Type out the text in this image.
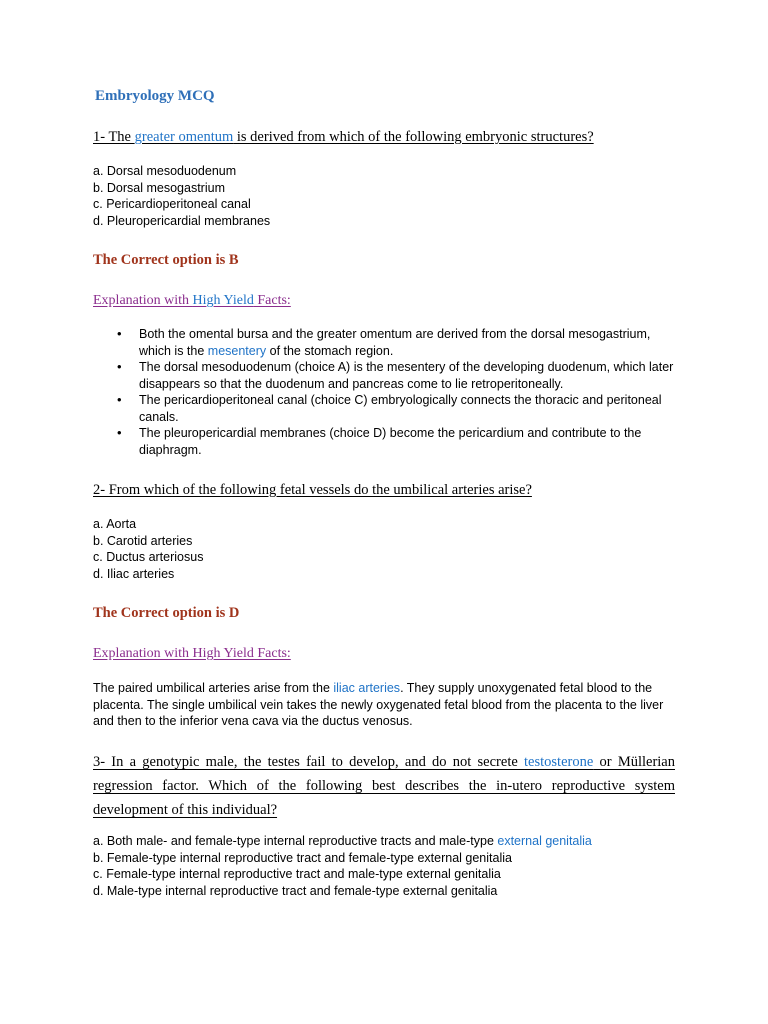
Embryology MCQ
1- The greater omentum is derived from which of the following embryonic structures?
a. Dorsal mesoduodenum
b. Dorsal mesogastrium
c. Pericardioperitoneal canal
d. Pleuropericardial membranes
The Correct option is B
Explanation with High Yield Facts:
• Both the omental bursa and the greater omentum are derived from the dorsal mesogastrium, which is the mesentery of the stomach region.
• The dorsal mesoduodenum (choice A) is the mesentery of the developing duodenum, which later disappears so that the duodenum and pancreas come to lie retroperitoneally.
• The pericardioperitoneal canal (choice C) embryologically connects the thoracic and peritoneal canals.
• The pleuropericardial membranes (choice D) become the pericardium and contribute to the diaphragm.
2- From which of the following fetal vessels do the umbilical arteries arise?
a. Aorta
b. Carotid arteries
c. Ductus arteriosus
d. Iliac arteries
The Correct option is D
Explanation with High Yield Facts:
The paired umbilical arteries arise from the iliac arteries. They supply unoxygenated fetal blood to the placenta. The single umbilical vein takes the newly oxygenated fetal blood from the placenta to the liver and then to the inferior vena cava via the ductus venosus.
3- In a genotypic male, the testes fail to develop, and do not secrete testosterone or Müllerian regression factor. Which of the following best describes the in-utero reproductive system development of this individual?
a. Both male- and female-type internal reproductive tracts and male-type external genitalia
b. Female-type internal reproductive tract and female-type external genitalia
c. Female-type internal reproductive tract and male-type external genitalia
d. Male-type internal reproductive tract and female-type external genitalia
